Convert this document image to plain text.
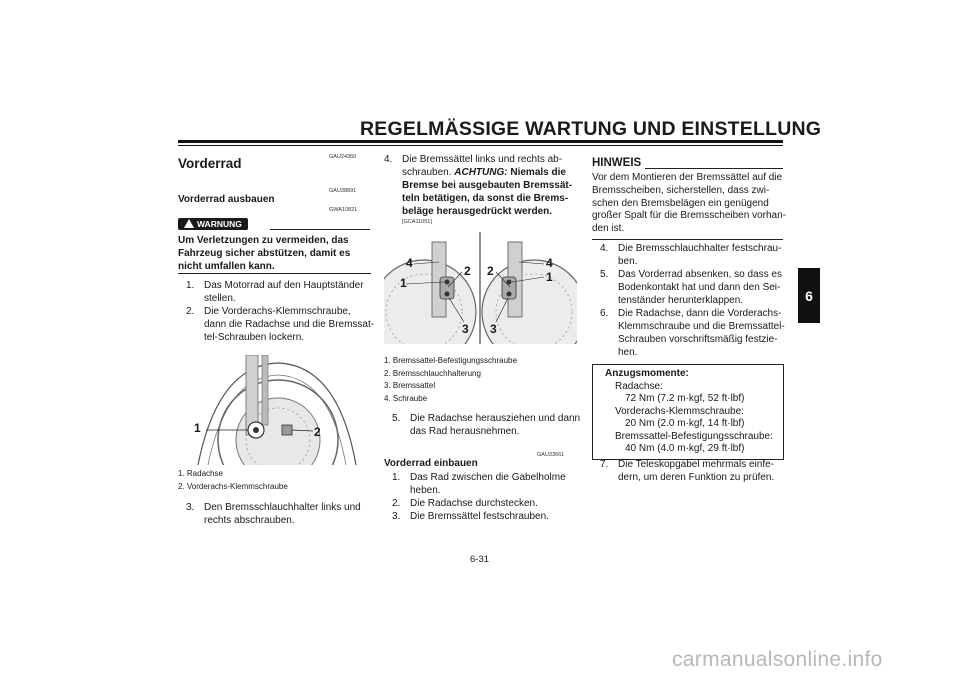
REGELMÄSSIGE WARTUNG UND EINSTELLUNG
6
GAU24360
Vorderrad
GAU38891
Vorderrad ausbauen
WARNUNG
GWA10821
Um Verletzungen zu vermeiden, das
Fahrzeug sicher abstützen, damit es
nicht umfallen kann.
1. Das Motorrad auf den Hauptständer
stellen.
2. Die Vorderachs-Klemmschraube,
dann die Radachse und die Bremssat-
tel-Schrauben lockern.
1	2
1. Radachse
2. Vorderachs-Klemmschraube
3. Den Bremsschlauchhalter links und
rechts abschrauben.
4. Die Bremssättel links und rechts ab-
schrauben. ACHTUNG: Niemals die
Bremse bei ausgebauten Bremssät-
teln betätigen, da sonst die Brems-
beläge herausgedrückt werden.
[GCA11051]
4
1
2
3
2
4
1
3
1. Bremssattel-Befestigungsschraube
2. Bremsschlauchhalterung
3. Bremssattel
4. Schraube
5. Die Radachse herausziehen und dann
das Rad herausnehmen.
GAU33661
Vorderrad einbauen
1. Das Rad zwischen die Gabelholme
heben.
2. Die Radachse durchstecken.
3. Die Bremssättel festschrauben.
HINWEIS
Vor dem Montieren der Bremssättel auf die
Bremsscheiben, sicherstellen, dass zwi-
schen den Bremsbelägen ein genügend
großer Spalt für die Bremsscheiben vorhan-
den ist.
4. Die Bremsschlauchhalter festschrau-
ben.
5. Das Vorderrad absenken, so dass es
Bodenkontakt hat und dann den Sei-
tenständer herunterklappen.
6. Die Radachse, dann die Vorderachs-
Klemmschraube und die Bremssattel-
Schrauben vorschriftsmäßig festzie-
hen.
Anzugsmomente:
Radachse:
72 Nm (7.2 m·kgf, 52 ft·lbf)
Vorderachs-Klemmschraube:
20 Nm (2.0 m·kgf, 14 ft·lbf)
Bremssattel-Befestigungsschraube:
40 Nm (4.0 m·kgf, 29 ft·lbf)
7. Die Teleskopgabel mehrmals einfe-
dern, um deren Funktion zu prüfen.
6-31
carmanualsonline.info
